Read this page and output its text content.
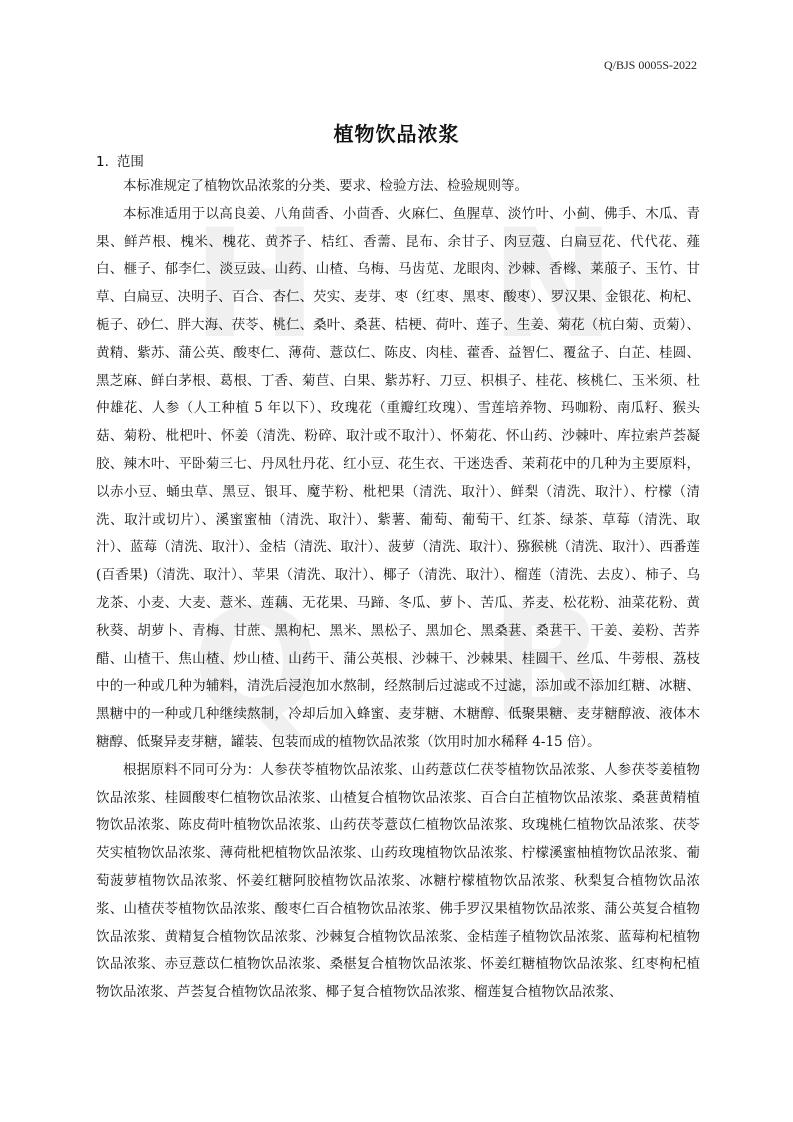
Q/BJS 0005S-2022
H N
Q B
植物饮品浓浆
1. 范围

本标准规定了植物饮品浓浆的分类、要求、检验方法、检验规则等。

本标准适用于以高良姜、八角茴香、小茴香、火麻仁、鱼腥草、淡竹叶、小蓟、佛手、木瓜、青果、鲜芦根、槐米、槐花、黄芥子、桔红、香薷、昆布、余甘子、肉豆蔻、白扁豆花、代代花、薤白、榧子、郁李仁、淡豆豉、山药、山楂、乌梅、马齿苋、龙眼肉、沙棘、香橼、莱菔子、玉竹、甘草、白扁豆、决明子、百合、杏仁、芡实、麦芽、枣（红枣、黑枣、酸枣）、罗汉果、金银花、枸杞、栀子、砂仁、胖大海、茯苓、桃仁、桑叶、桑葚、桔梗、荷叶、莲子、生姜、菊花（杭白菊、贡菊）、黄精、紫苏、蒲公英、酸枣仁、薄荷、薏苡仁、陈皮、肉桂、藿香、益智仁、覆盆子、白芷、桂圆、黑芝麻、鲜白茅根、葛根、丁香、菊苣、白果、紫苏籽、刀豆、枳椇子、桂花、核桃仁、玉米须、杜仲雄花、人参（人工种植 5 年以下）、玫瑰花（重瓣红玫瑰）、雪莲培养物、玛咖粉、南瓜籽、猴头菇、菊粉、枇杷叶、怀姜（清洗、粉碎、取汁或不取汁）、怀菊花、怀山药、沙棘叶、库拉索芦荟凝胶、辣木叶、平卧菊三七、丹凤牡丹花、红小豆、花生衣、干迷迭香、茉莉花中的几种为主要原料，以赤小豆、蛹虫草、黑豆、银耳、魔芋粉、枇杷果（清洗、取汁）、鲜梨（清洗、取汁）、柠檬（清洗、取汁或切片）、溪蜜蜜柚（清洗、取汁）、紫薯、葡萄、葡萄干、红茶、绿茶、草莓（清洗、取汁）、蓝莓（清洗、取汁）、金桔（清洗、取汁）、菠萝（清洗、取汁）、猕猴桃（清洗、取汁）、西番莲(百香果)（清洗、取汁）、苹果（清洗、取汁）、椰子（清洗、取汁）、榴莲（清洗、去皮）、柿子、乌龙茶、小麦、大麦、薏米、莲藕、无花果、马蹄、冬瓜、萝卜、苦瓜、荞麦、松花粉、油菜花粉、黄秋葵、胡萝卜、青梅、甘蔗、黑枸杞、黑米、黑松子、黑加仑、黑桑葚、桑葚干、干姜、姜粉、苦荞醋、山楂干、焦山楂、炒山楂、山药干、蒲公英根、沙棘干、沙棘果、桂圆干、丝瓜、牛蒡根、荔枝中的一种或几种为辅料，清洗后浸泡加水熬制，经熬制后过滤或不过滤，添加或不添加红糖、冰糖、黑糖中的一种或几种继续熬制，冷却后加入蜂蜜、麦芽糖、木糖醇、低聚果糖、麦芽糖醇液、液体木糖醇、低聚异麦芽糖，罐装、包装而成的植物饮品浓浆（饮用时加水稀释 4-15 倍）。

根据原料不同可分为：人参茯苓植物饮品浓浆、山药薏苡仁茯苓植物饮品浓浆、人参茯苓姜植物饮品浓浆、桂圆酸枣仁植物饮品浓浆、山楂复合植物饮品浓浆、百合白芷植物饮品浓浆、桑葚黄精植物饮品浓浆、陈皮荷叶植物饮品浓浆、山药茯苓薏苡仁植物饮品浓浆、玫瑰桃仁植物饮品浓浆、茯苓芡实植物饮品浓浆、薄荷枇杷植物饮品浓浆、山药玫瑰植物饮品浓浆、柠檬溪蜜柚植物饮品浓浆、葡萄菠萝植物饮品浓浆、怀姜红糖阿胶植物饮品浓浆、冰糖柠檬植物饮品浓浆、秋梨复合植物饮品浓浆、山楂茯苓植物饮品浓浆、酸枣仁百合植物饮品浓浆、佛手罗汉果植物饮品浓浆、蒲公英复合植物饮品浓浆、黄精复合植物饮品浓浆、沙棘复合植物饮品浓浆、金桔莲子植物饮品浓浆、蓝莓枸杞植物饮品浓浆、赤豆薏苡仁植物饮品浓浆、桑椹复合植物饮品浓浆、怀姜红糖植物饮品浓浆、红枣枸杞植物饮品浓浆、芦荟复合植物饮品浓浆、椰子复合植物饮品浓浆、榴莲复合植物饮品浓浆、
